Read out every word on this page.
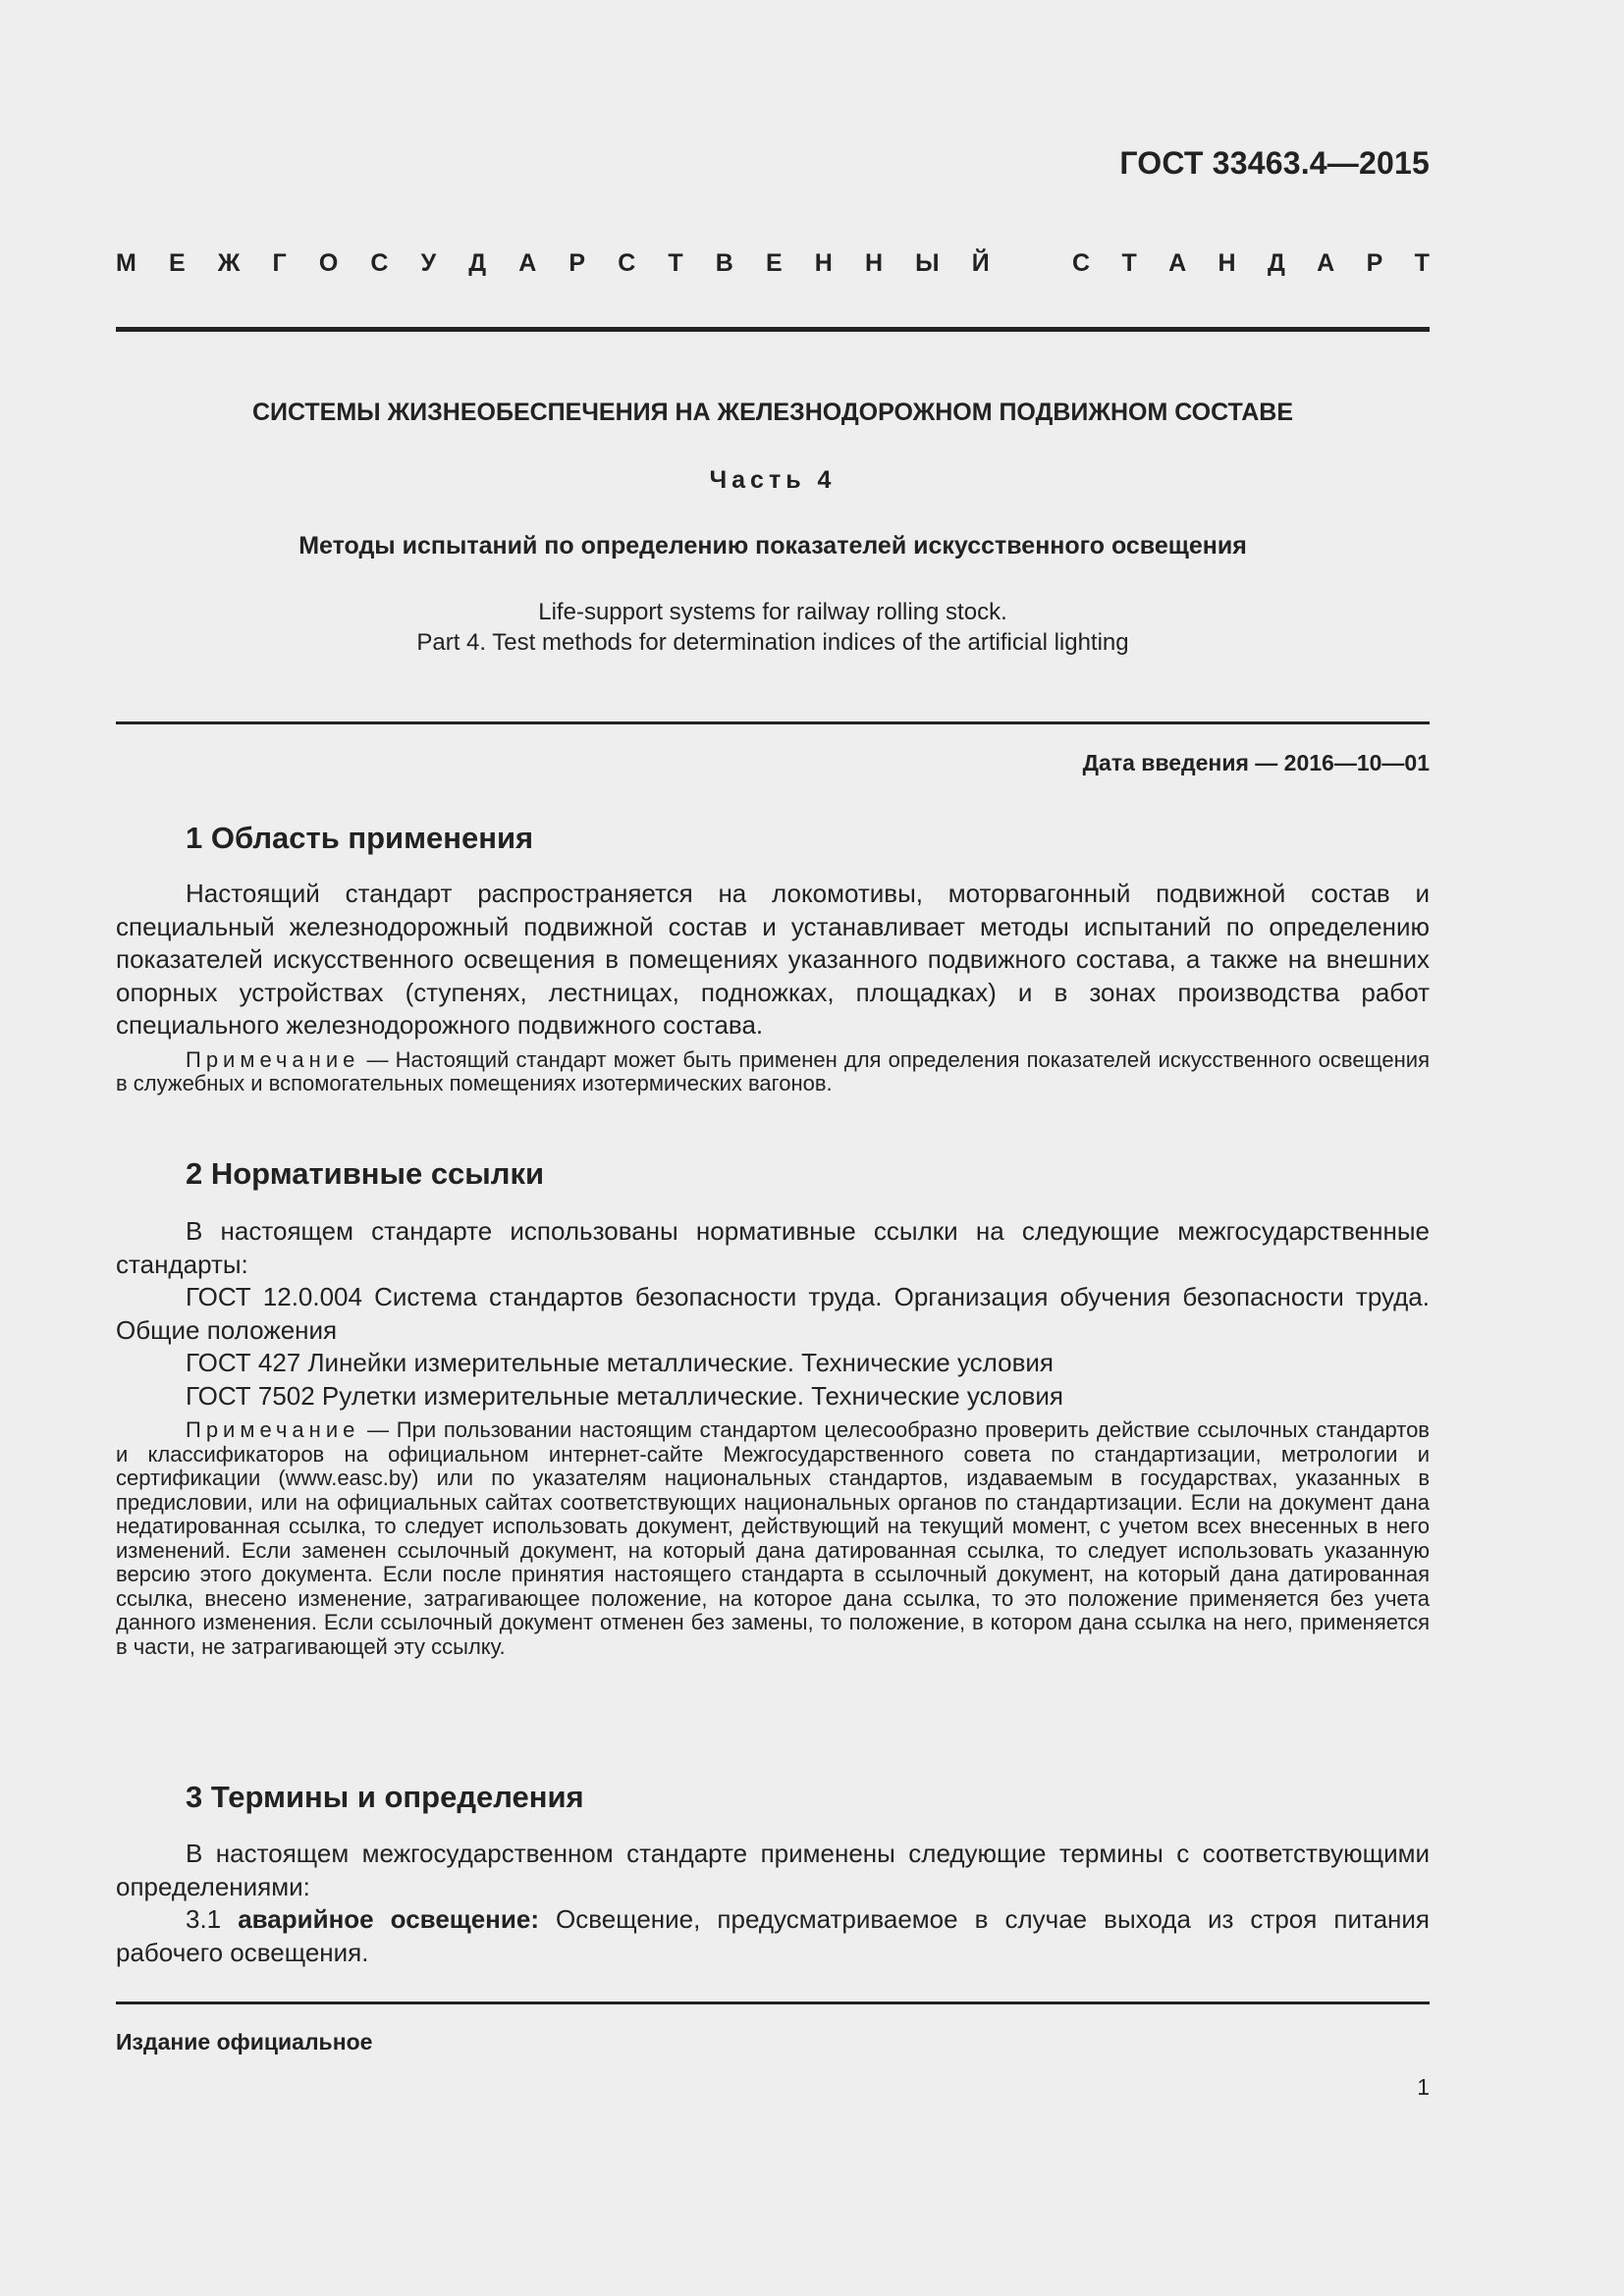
ГОСТ 33463.4—2015
М Е Ж Г О С У Д А Р С Т В Е Н Н Ы Й	С Т А Н Д А Р Т
СИСТЕМЫ ЖИЗНЕОБЕСПЕЧЕНИЯ НА ЖЕЛЕЗНОДОРОЖНОМ ПОДВИЖНОМ СОСТАВЕ
Часть 4
Методы испытаний по определению показателей искусственного освещения
Life-support systems for railway rolling stock.
Part 4. Test methods for determination indices of the artificial lighting
Дата введения — 2016—10—01
1 Область применения

Настоящий стандарт распространяется на локомотивы, моторвагонный подвижной состав и специальный железнодорожный подвижной состав и устанавливает методы испытаний по определению показателей искусственного освещения в помещениях указанного подвижного состава, а также на внешних опорных устройствах (ступенях, лестницах, подножках, площадках) и в зонах производства работ специального железнодорожного подвижного состава.

Примечание — Настоящий стандарт может быть применен для определения показателей искусственного освещения в служебных и вспомогательных помещениях изотермических вагонов.

2 Нормативные ссылки

В настоящем стандарте использованы нормативные ссылки на следующие межгосударственные стандарты:

ГОСТ 12.0.004 Система стандартов безопасности труда. Организация обучения безопасности труда. Общие положения

ГОСТ 427 Линейки измерительные металлические. Технические условия

ГОСТ 7502 Рулетки измерительные металлические. Технические условия

Примечание — При пользовании настоящим стандартом целесообразно проверить действие ссылочных стандартов и классификаторов на официальном интернет-сайте Межгосударственного совета по стандартизации, метрологии и сертификации (www.easc.by) или по указателям национальных стандартов, издаваемым в государствах, указанных в предисловии, или на официальных сайтах соответствующих национальных органов по стандартизации. Если на документ дана недатированная ссылка, то следует использовать документ, действующий на текущий момент, с учетом всех внесенных в него изменений. Если заменен ссылочный документ, на который дана датированная ссылка, то следует использовать указанную версию этого документа. Если после принятия настоящего стандарта в ссылочный документ, на который дана датированная ссылка, внесено изменение, затрагивающее положение, на которое дана ссылка, то это положение применяется без учета данного изменения. Если ссылочный документ отменен без замены, то положение, в котором дана ссылка на него, применяется в части, не затрагивающей эту ссылку.

3 Термины и определения

В настоящем межгосударственном стандарте применены следующие термины с соответствующими определениями:

3.1 аварийное освещение: Освещение, предусматриваемое в случае выхода из строя питания рабочего освещения.

Издание официальное
1
